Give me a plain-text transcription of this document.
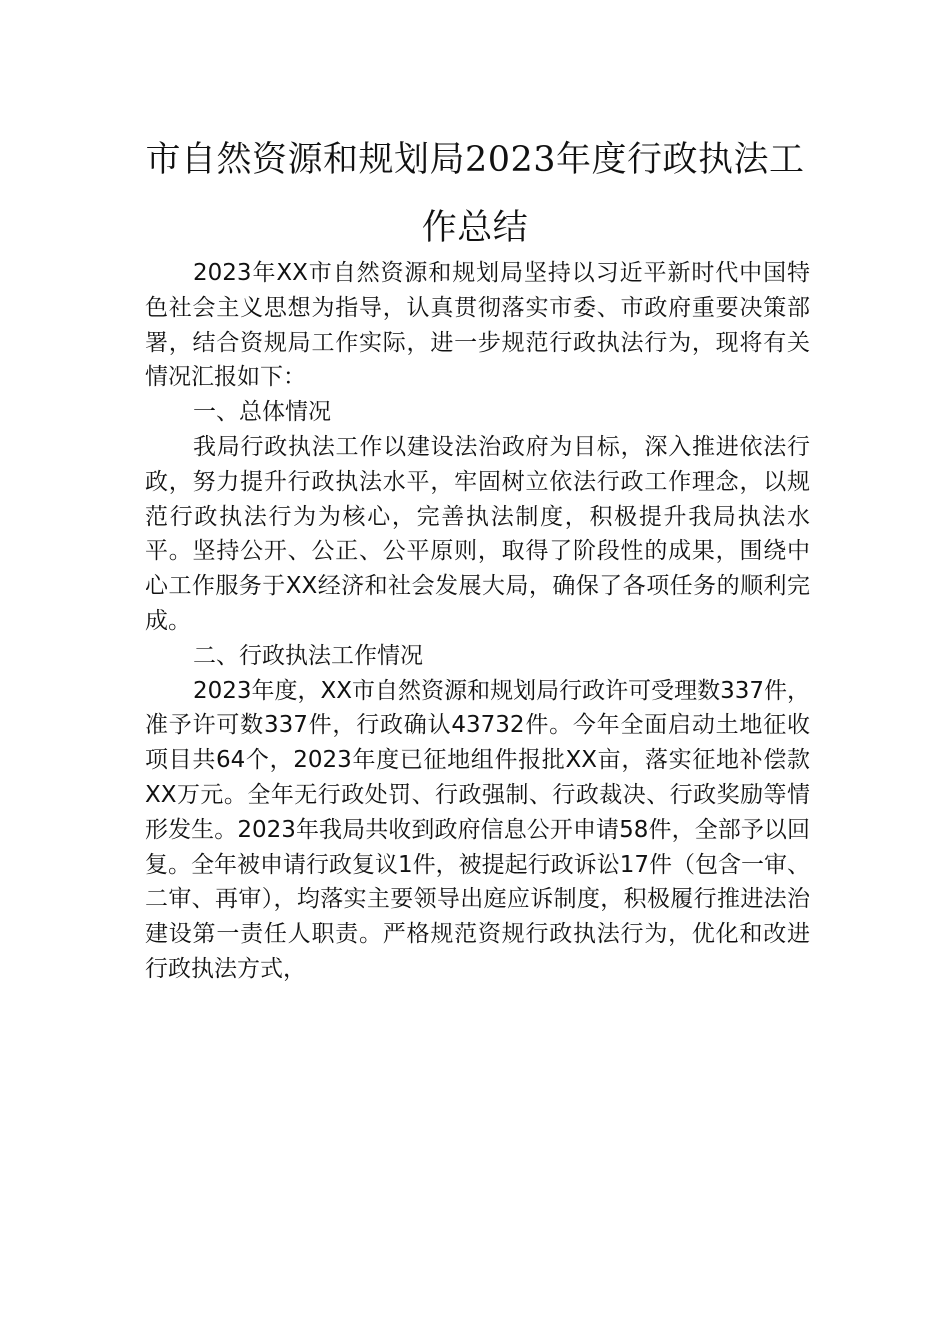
市自然资源和规划局2023年度行政执法工作总结

2023年XX市自然资源和规划局坚持以习近平新时代中国特色社会主义思想为指导，认真贯彻落实市委、市政府重要决策部署，结合资规局工作实际，进一步规范行政执法行为，现将有关情况汇报如下：

一、总体情况

我局行政执法工作以建设法治政府为目标，深入推进依法行政，努力提升行政执法水平，牢固树立依法行政工作理念，以规范行政执法行为为核心，完善执法制度，积极提升我局执法水平。坚持公开、公正、公平原则，取得了阶段性的成果，围绕中心工作服务于XX经济和社会发展大局，确保了各项任务的顺利完成。

二、行政执法工作情况

2023年度，XX市自然资源和规划局行政许可受理数337件，准予许可数337件，行政确认43732件。今年全面启动土地征收项目共64个，2023年度已征地组件报批XX亩，落实征地补偿款XX万元。全年无行政处罚、行政强制、行政裁决、行政奖励等情形发生。2023年我局共收到政府信息公开申请58件，全部予以回复。全年被申请行政复议1件，被提起行政诉讼17件（包含一审、二审、再审），均落实主要领导出庭应诉制度，积极履行推进法治建设第一责任人职责。严格规范资规行政执法行为，优化和改进行政执法方式，
